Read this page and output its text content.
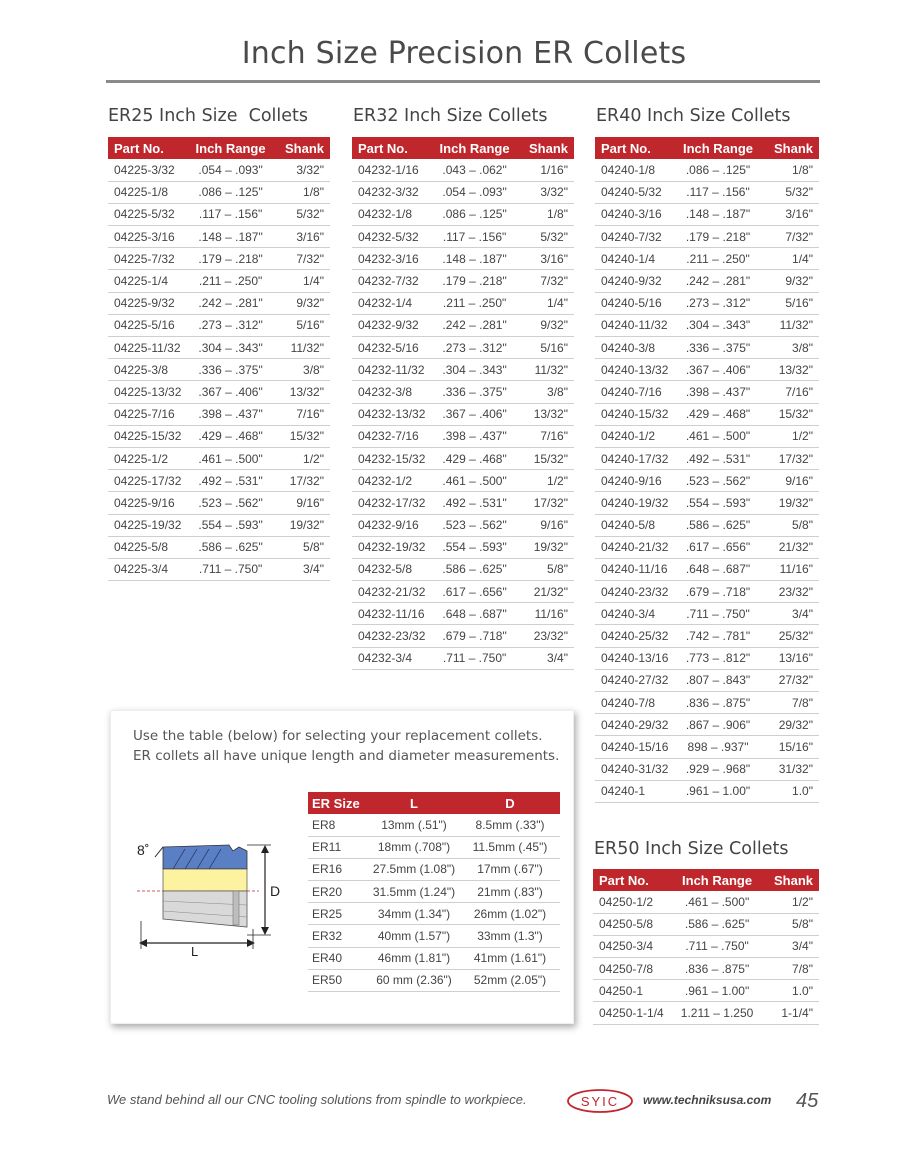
Inch Size Precision ER Collets
ER25 Inch Size  Collets
Part No.	Inch Range	Shank
04225-3/32	.054 – .093"	3/32"
04225-1/8	.086 – .125"	1/8"
04225-5/32	.117 – .156"	5/32"
04225-3/16	.148 – .187"	3/16"
04225-7/32	.179 – .218"	7/32"
04225-1/4	.211 – .250"	1/4"
04225-9/32	.242 – .281"	9/32"
04225-5/16	.273 – .312"	5/16"
04225-11/32	.304 – .343"	11/32"
04225-3/8	.336 – .375"	3/8"
04225-13/32	.367 – .406"	13/32"
04225-7/16	.398 – .437"	7/16"
04225-15/32	.429 – .468"	15/32"
04225-1/2	.461 – .500"	1/2"
04225-17/32	.492 – .531"	17/32"
04225-9/16	.523 – .562"	9/16"
04225-19/32	.554 – .593"	19/32"
04225-5/8	.586 – .625"	5/8"
04225-3/4	.711 – .750"	3/4"
ER32 Inch Size Collets
Part No.	Inch Range	Shank
04232-1/16	.043 – .062"	1/16"
04232-3/32	.054 – .093"	3/32"
04232-1/8	.086 – .125"	1/8"
04232-5/32	.117 – .156"	5/32"
04232-3/16	.148 – .187"	3/16"
04232-7/32	.179 – .218"	7/32"
04232-1/4	.211 – .250"	1/4"
04232-9/32	.242 – .281"	9/32"
04232-5/16	.273 – .312"	5/16"
04232-11/32	.304 – .343"	11/32"
04232-3/8	.336 – .375"	3/8"
04232-13/32	.367 – .406"	13/32"
04232-7/16	.398 – .437"	7/16"
04232-15/32	.429 – .468"	15/32"
04232-1/2	.461 – .500"	1/2"
04232-17/32	.492 – .531"	17/32"
04232-9/16	.523 – .562"	9/16"
04232-19/32	.554 – .593"	19/32"
04232-5/8	.586 – .625"	5/8"
04232-21/32	.617 – .656"	21/32"
04232-11/16	.648 – .687"	11/16"
04232-23/32	.679 – .718"	23/32"
04232-3/4	.711 – .750"	3/4"
ER40 Inch Size Collets
Part No.	Inch Range	Shank
04240-1/8	.086 – .125"	1/8"
04240-5/32	.117 – .156"	5/32"
04240-3/16	.148 – .187"	3/16"
04240-7/32	.179 – .218"	7/32"
04240-1/4	.211 – .250"	1/4"
04240-9/32	.242 – .281"	9/32"
04240-5/16	.273 – .312"	5/16"
04240-11/32	.304 – .343"	11/32"
04240-3/8	.336 – .375"	3/8"
04240-13/32	.367 – .406"	13/32"
04240-7/16	.398 – .437"	7/16"
04240-15/32	.429 – .468"	15/32"
04240-1/2	.461 – .500"	1/2"
04240-17/32	.492 – .531"	17/32"
04240-9/16	.523 – .562"	9/16"
04240-19/32	.554 – .593"	19/32"
04240-5/8	.586 – .625"	5/8"
04240-21/32	.617 – .656"	21/32"
04240-11/16	.648 – .687"	11/16"
04240-23/32	.679 – .718"	23/32"
04240-3/4	.711 – .750"	3/4"
04240-25/32	.742 – .781"	25/32"
04240-13/16	.773 – .812"	13/16"
04240-27/32	.807 – .843"	27/32"
04240-7/8	.836 – .875"	7/8"
04240-29/32	.867 – .906"	29/32"
04240-15/16	898 – .937"	15/16"
04240-31/32	.929 – .968"	31/32"
04240-1	.961 – 1.00"	1.0"
ER50 Inch Size Collets
Part No.	Inch Range	Shank
04250-1/2	.461 – .500"	1/2"
04250-5/8	.586 – .625"	5/8"
04250-3/4	.711 – .750"	3/4"
04250-7/8	.836 – .875"	7/8"
04250-1	.961 – 1.00"	1.0"
04250-1-1/4	1.211 – 1.250	1-1/4"
Use the table (below) for selecting your replacement collets.
ER collets all have unique length and diameter measurements.
8˚
D
L
ER Size	L	D
ER8	13mm (.51")	8.5mm (.33")
ER11	18mm (.708")	11.5mm (.45")
ER16	27.5mm (1.08")	17mm (.67")
ER20	31.5mm (1.24")	21mm (.83")
ER25	34mm (1.34")	26mm (1.02")
ER32	40mm (1.57")	33mm (1.3")
ER40	46mm (1.81")	41mm (1.61")
ER50	60 mm (2.36")	52mm (2.05")
We stand behind all our CNC tooling solutions from spindle to workpiece.	SYIC www.techniksusa.com 45
